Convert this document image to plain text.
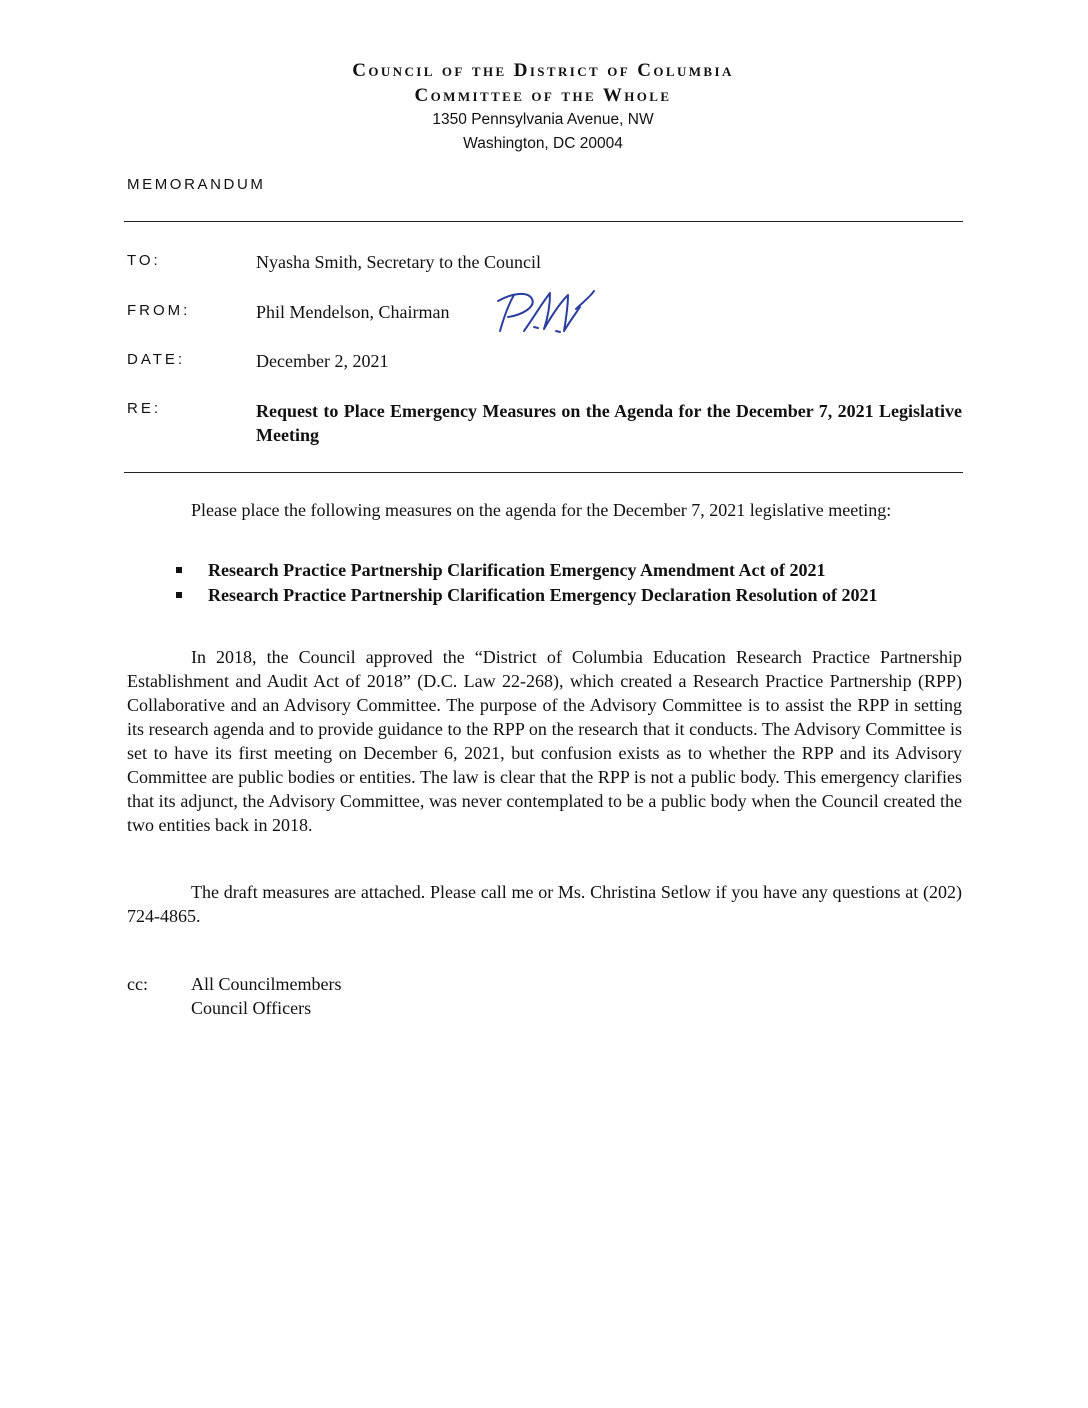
Council of the District of Columbia
Committee of the Whole
1350 Pennsylvania Avenue, NW
Washington, DC 20004
MEMORANDUM
TO:	Nyasha Smith, Secretary to the Council
FROM:	Phil Mendelson, Chairman
DATE:	December 2, 2021
RE:	Request to Place Emergency Measures on the Agenda for the December 7, 2021 Legislative Meeting
Please place the following measures on the agenda for the December 7, 2021 legislative meeting:
Research Practice Partnership Clarification Emergency Amendment Act of 2021
Research Practice Partnership Clarification Emergency Declaration Resolution of 2021
In 2018, the Council approved the “District of Columbia Education Research Practice Partnership Establishment and Audit Act of 2018” (D.C. Law 22-268), which created a Research Practice Partnership (RPP) Collaborative and an Advisory Committee. The purpose of the Advisory Committee is to assist the RPP in setting its research agenda and to provide guidance to the RPP on the research that it conducts. The Advisory Committee is set to have its first meeting on December 6, 2021, but confusion exists as to whether the RPP and its Advisory Committee are public bodies or entities. The law is clear that the RPP is not a public body. This emergency clarifies that its adjunct, the Advisory Committee, was never contemplated to be a public body when the Council created the two entities back in 2018.
The draft measures are attached. Please call me or Ms. Christina Setlow if you have any questions at (202) 724-4865.
cc: All Councilmembers
Council Officers
